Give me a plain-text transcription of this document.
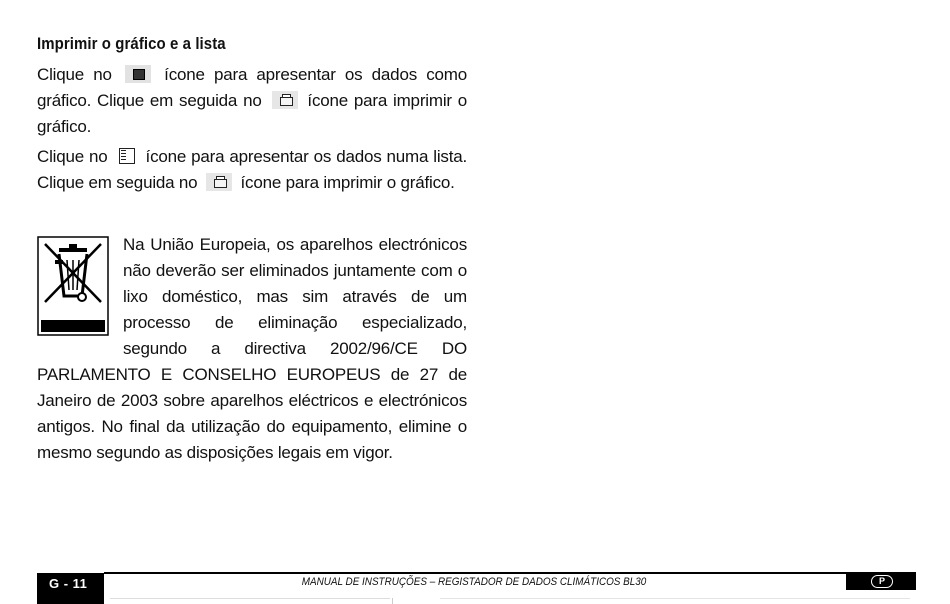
Imprimir o gráfico e a lista
Clique no	ícone para apresentar os dados como gráfico. Clique em seguida no	ícone para imprimir o gráfico.
Clique no ícone para apresentar os dados numa lista. Clique em seguida no	ícone para imprimir o gráfico.
Na União Europeia, os aparelhos electrónicos não deverão ser eliminados juntamente com o lixo doméstico, mas sim através de um processo de eliminação especializado, segundo a directiva 2002/96/CE DO PARLAMENTO E CONSELHO EUROPEUS de 27 de Janeiro de 2003 sobre aparelhos eléctricos e electrónicos antigos. No final da utilização do equipamento, elimine o mesmo segundo as disposições legais em vigor.
G - 11	MANUAL DE INSTRUÇÕES – REGISTADOR DE DADOS CLIMÁTICOS BL30	P
